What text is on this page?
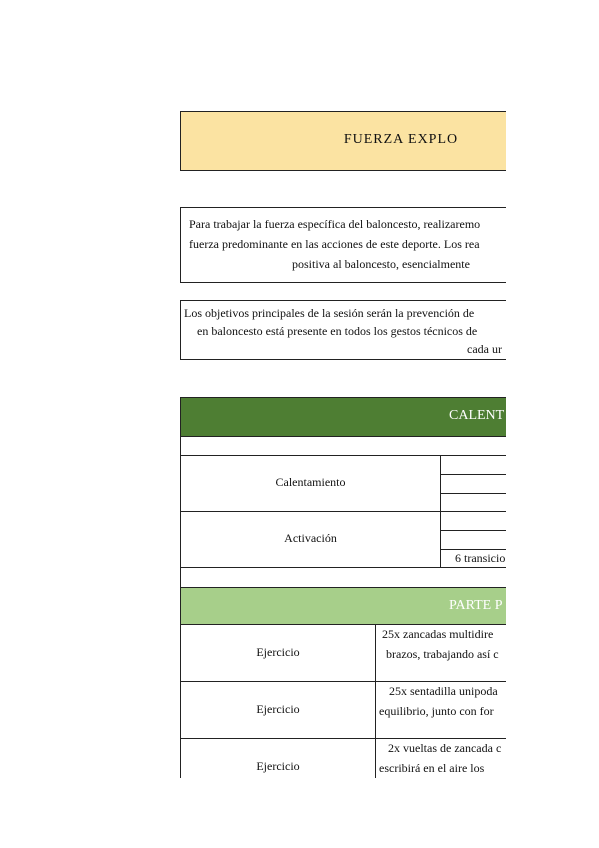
FUERZA EXPLO
Para trabajar la fuerza específica del baloncesto, realizaremo
fuerza predominante en las acciones de este deporte. Los rea
positiva al baloncesto, esencialmente
Los objetivos principales de la sesión serán la prevención de
en baloncesto está presente en todos los gestos técnicos de
cada ur
CALENT
Calentamiento
Activación
6 transicio
PARTE P
Ejercicio
25x zancadas multidire
brazos, trabajando así c
Ejercicio
25x sentadilla unipoda
equilibrio, junto con for
Ejercicio
2x vueltas de zancada c
escribirá en el aire los
